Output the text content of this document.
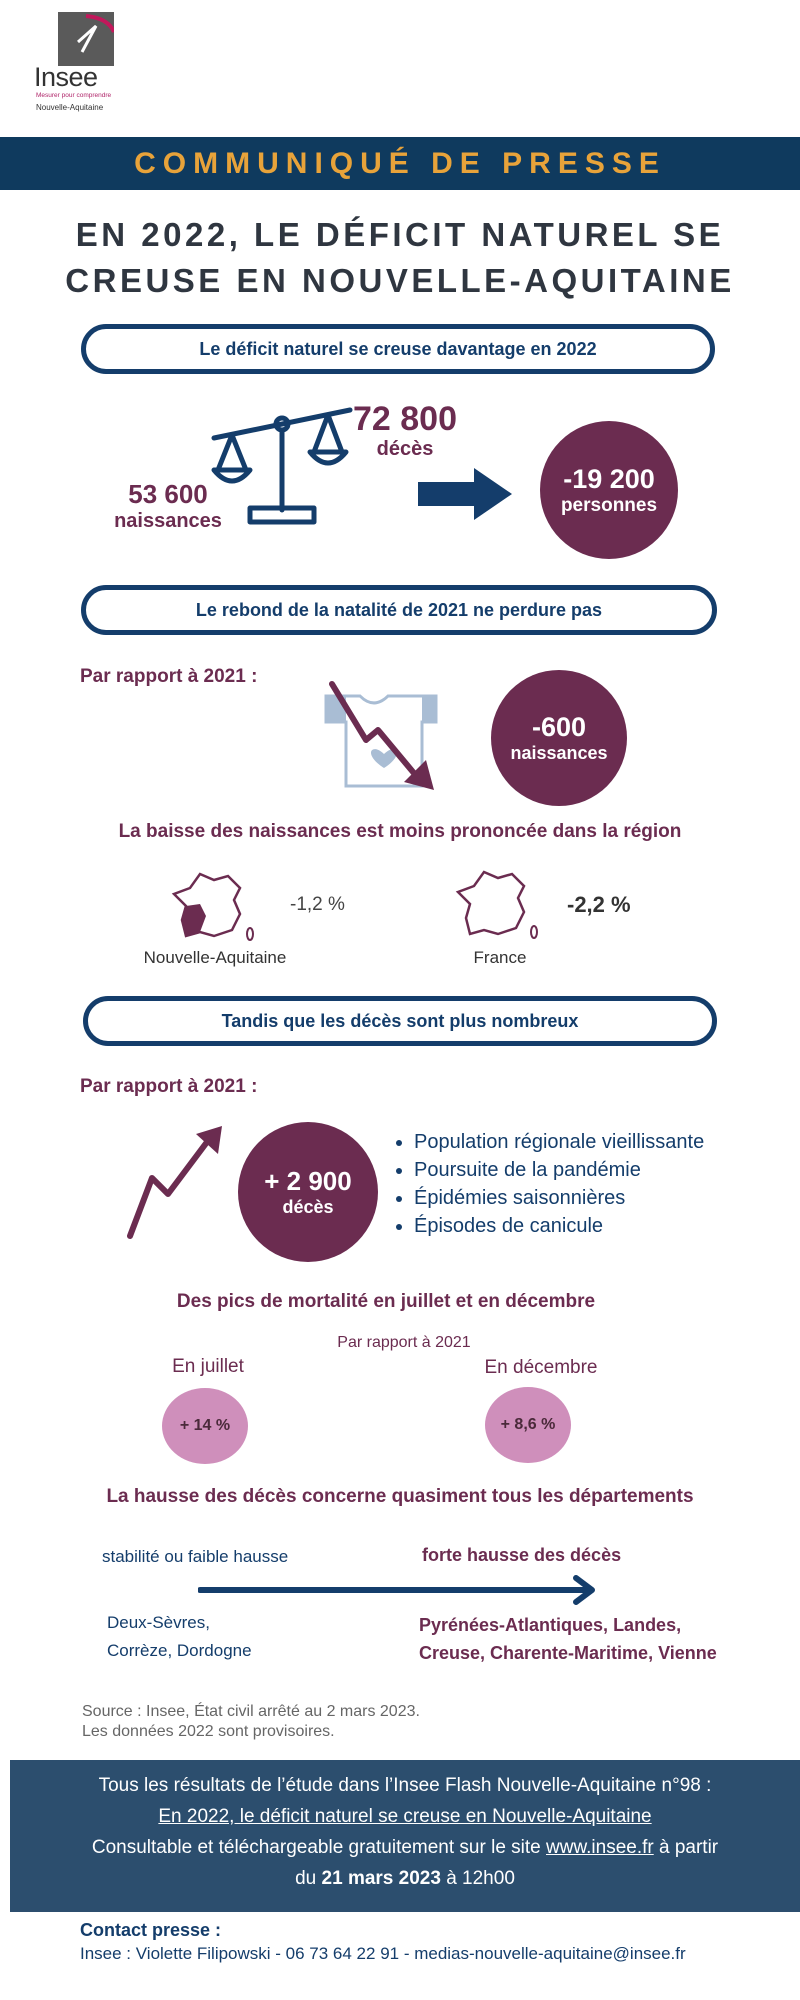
Insee
Mesurer pour comprendre
Nouvelle-Aquitaine
COMMUNIQUÉ DE PRESSE
EN 2022, LE DÉFICIT NATUREL SE
CREUSE EN NOUVELLE-AQUITAINE
Le déficit naturel se creuse davantage en 2022
72 800
décès
53 600
naissances
-19 200
personnes
Le rebond de la natalité de 2021 ne perdure pas
Par rapport à 2021 :
-600
naissances
La baisse des naissances est moins prononcée dans la région
-1,2 %
Nouvelle-Aquitaine
-2,2 %
France
Tandis que les décès sont plus nombreux
Par rapport à 2021 :
+ 2 900
décès
• Population régionale vieillissante
• Poursuite de la pandémie
• Épidémies saisonnières
• Épisodes de canicule
Des pics de mortalité en juillet et en décembre
Par rapport à 2021
En juillet
+ 14 %
En décembre
+ 8,6 %
La hausse des décès concerne quasiment tous les départements
stabilité ou faible hausse	forte hausse des décès
Deux-Sèvres,
Corrèze, Dordogne
Pyrénées-Atlantiques, Landes,
Creuse, Charente-Maritime, Vienne
Source : Insee, État civil arrêté au 2 mars 2023.
Les données 2022 sont provisoires.
Tous les résultats de l’étude dans l’Insee Flash Nouvelle-Aquitaine n°98 :
En 2022, le déficit naturel se creuse en Nouvelle-Aquitaine
Consultable et téléchargeable gratuitement sur le site www.insee.fr à partir
du 21 mars 2023 à 12h00
Contact presse :
Insee : Violette Filipowski - 06 73 64 22 91 - medias-nouvelle-aquitaine@insee.fr
